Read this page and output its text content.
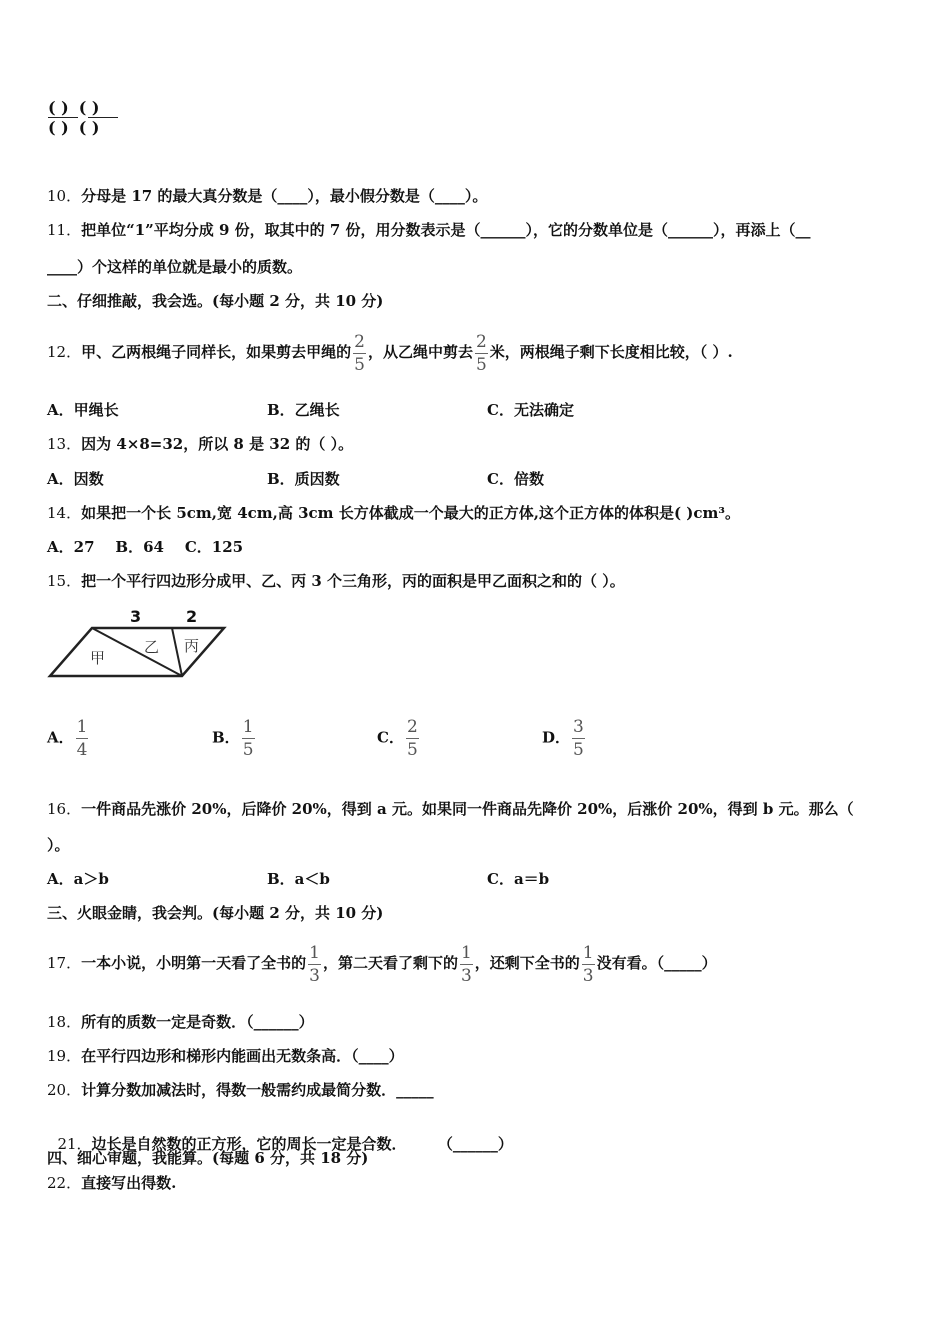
( ) ( )
( ) ( )
10．分母是 17 的最大真分数是（____），最小假分数是（____）。
11．把单位“1”平均分成 9 份，取其中的 7 份，用分数表示是（______），它的分数单位是（______），再添上（__
____）个这样的单位就是最小的质数。
二、仔细推敲，我会选。(每小题 2 分，共 10 分)
12．甲、乙两根绳子同样长，如果剪去甲绳的 $\frac{2}{5}$ ，从乙绳中剪去 $\frac{2}{5}$ 米，两根绳子剩下长度相比较，（ ）.
A．甲绳长	B．乙绳长	C．无法确定
13．因为 4×8=32，所以 8 是 32 的（ ）。
A．因数	B．质因数	C．倍数
14．如果把一个长 5cm,宽 4cm,高 3cm 长方体截成一个最大的正方体,这个正方体的体积是( )cm³。
A．27    B．64    C．125
15．把一个平行四边形分成甲、乙、丙 3 个三角形，丙的面积是甲乙面积之和的（ ）。
3	2
甲
乙 丙
A． $\frac{1}{4}$	B． $\frac{1}{5}$	C． $\frac{2}{5}$	D． $\frac{3}{5}$
16．一件商品先涨价 20%，后降价 20%，得到 a 元。如果同一件商品先降价 20%，后涨价 20%，得到 b 元。那么（
）。
A．a＞b	B．a＜b	C．a＝b
三、火眼金睛，我会判。(每小题 2 分，共 10 分)
17．一本小说，小明第一天看了全书的 $\frac{1}{3}$ ，第二天看了剩下的 $\frac{1}{3}$ ，还剩下全书的 $\frac{1}{3}$ 没有看。（_____）
18．所有的质数一定是奇数．（______）
19．在平行四边形和梯形内能画出无数条高．（____）
20．计算分数加减法时，得数一般需约成最简分数．_____

21．边长是自然数的正方形，它的周长一定是合数．      （______）

四、细心审题，我能算。(每题 6 分，共 18 分)
22．直接写出得数.
